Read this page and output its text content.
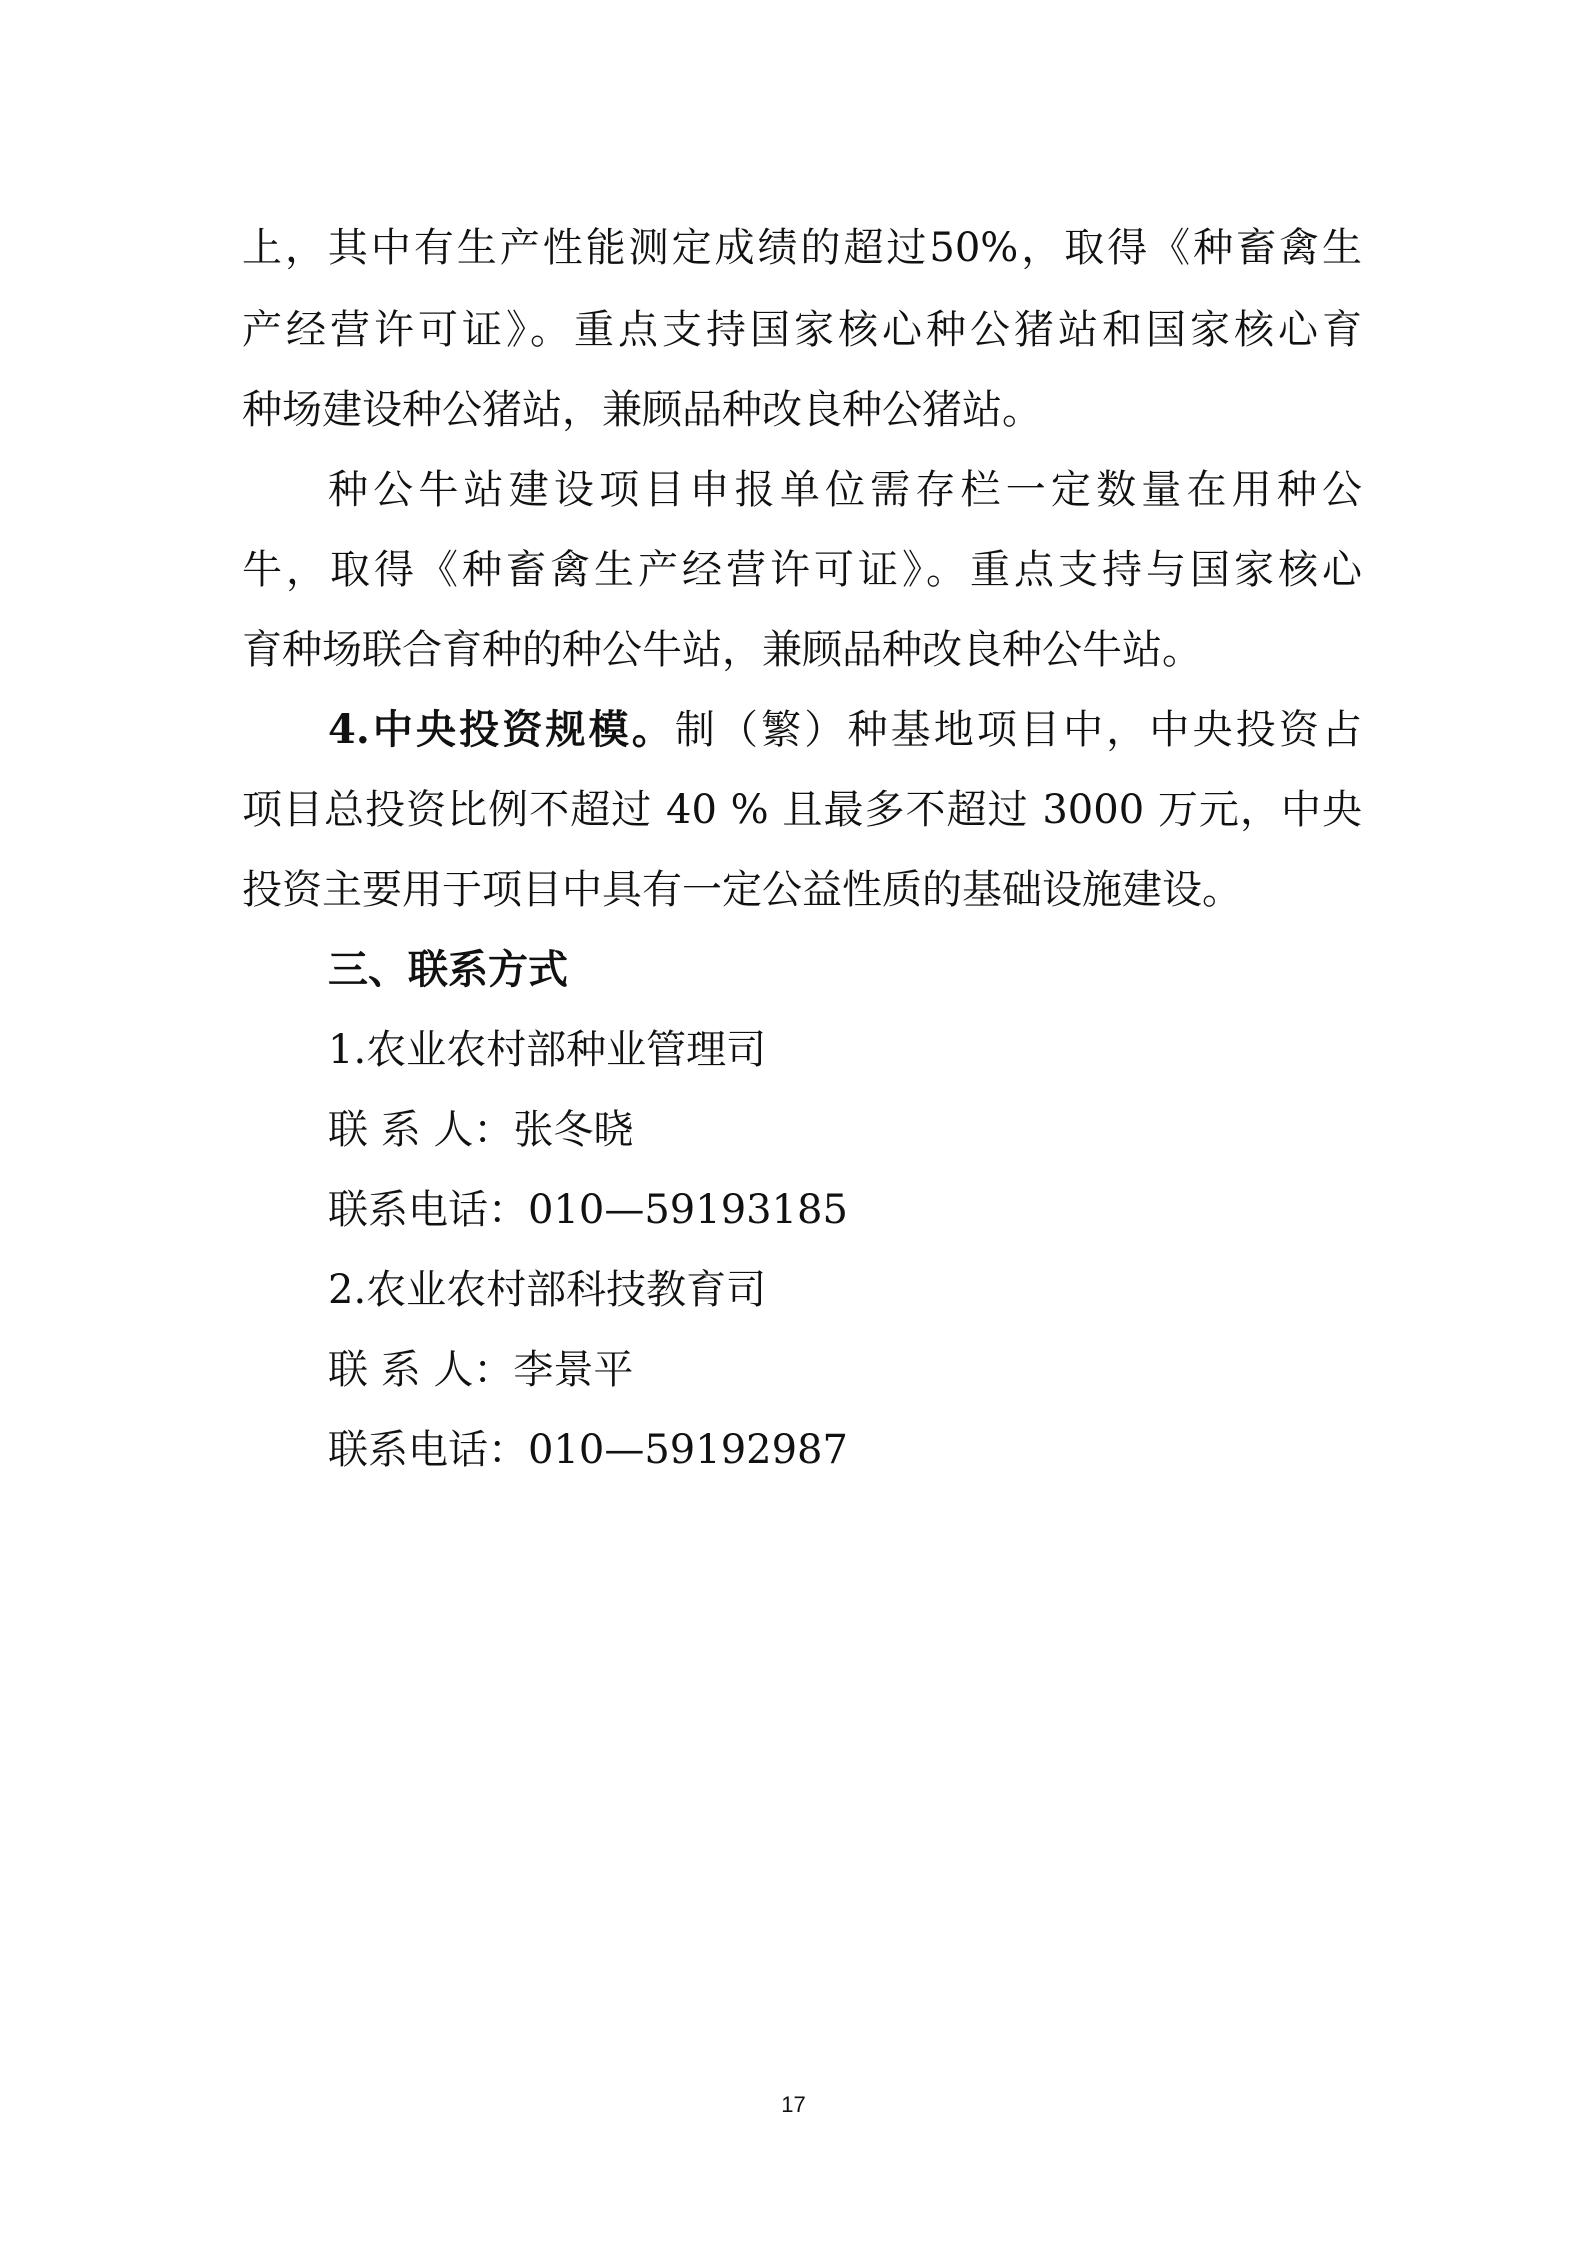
上，其中有生产性能测定成绩的超过50%，取得《种畜禽生
产经营许可证》。重点支持国家核心种公猪站和国家核心育
种场建设种公猪站，兼顾品种改良种公猪站。
种公牛站建设项目申报单位需存栏一定数量在用种公
牛，取得《种畜禽生产经营许可证》。重点支持与国家核心
育种场联合育种的种公牛站，兼顾品种改良种公牛站。
4.中央投资规模。制（繁）种基地项目中，中央投资占
项目总投资比例不超过 40 % 且最多不超过 3000 万元，中央
投资主要用于项目中具有一定公益性质的基础设施建设。
三、联系方式
1.农业农村部种业管理司
联 系 人：张冬晓
联系电话：010—59193185
2.农业农村部科技教育司
联 系 人：李景平
联系电话：010—59192987
17
